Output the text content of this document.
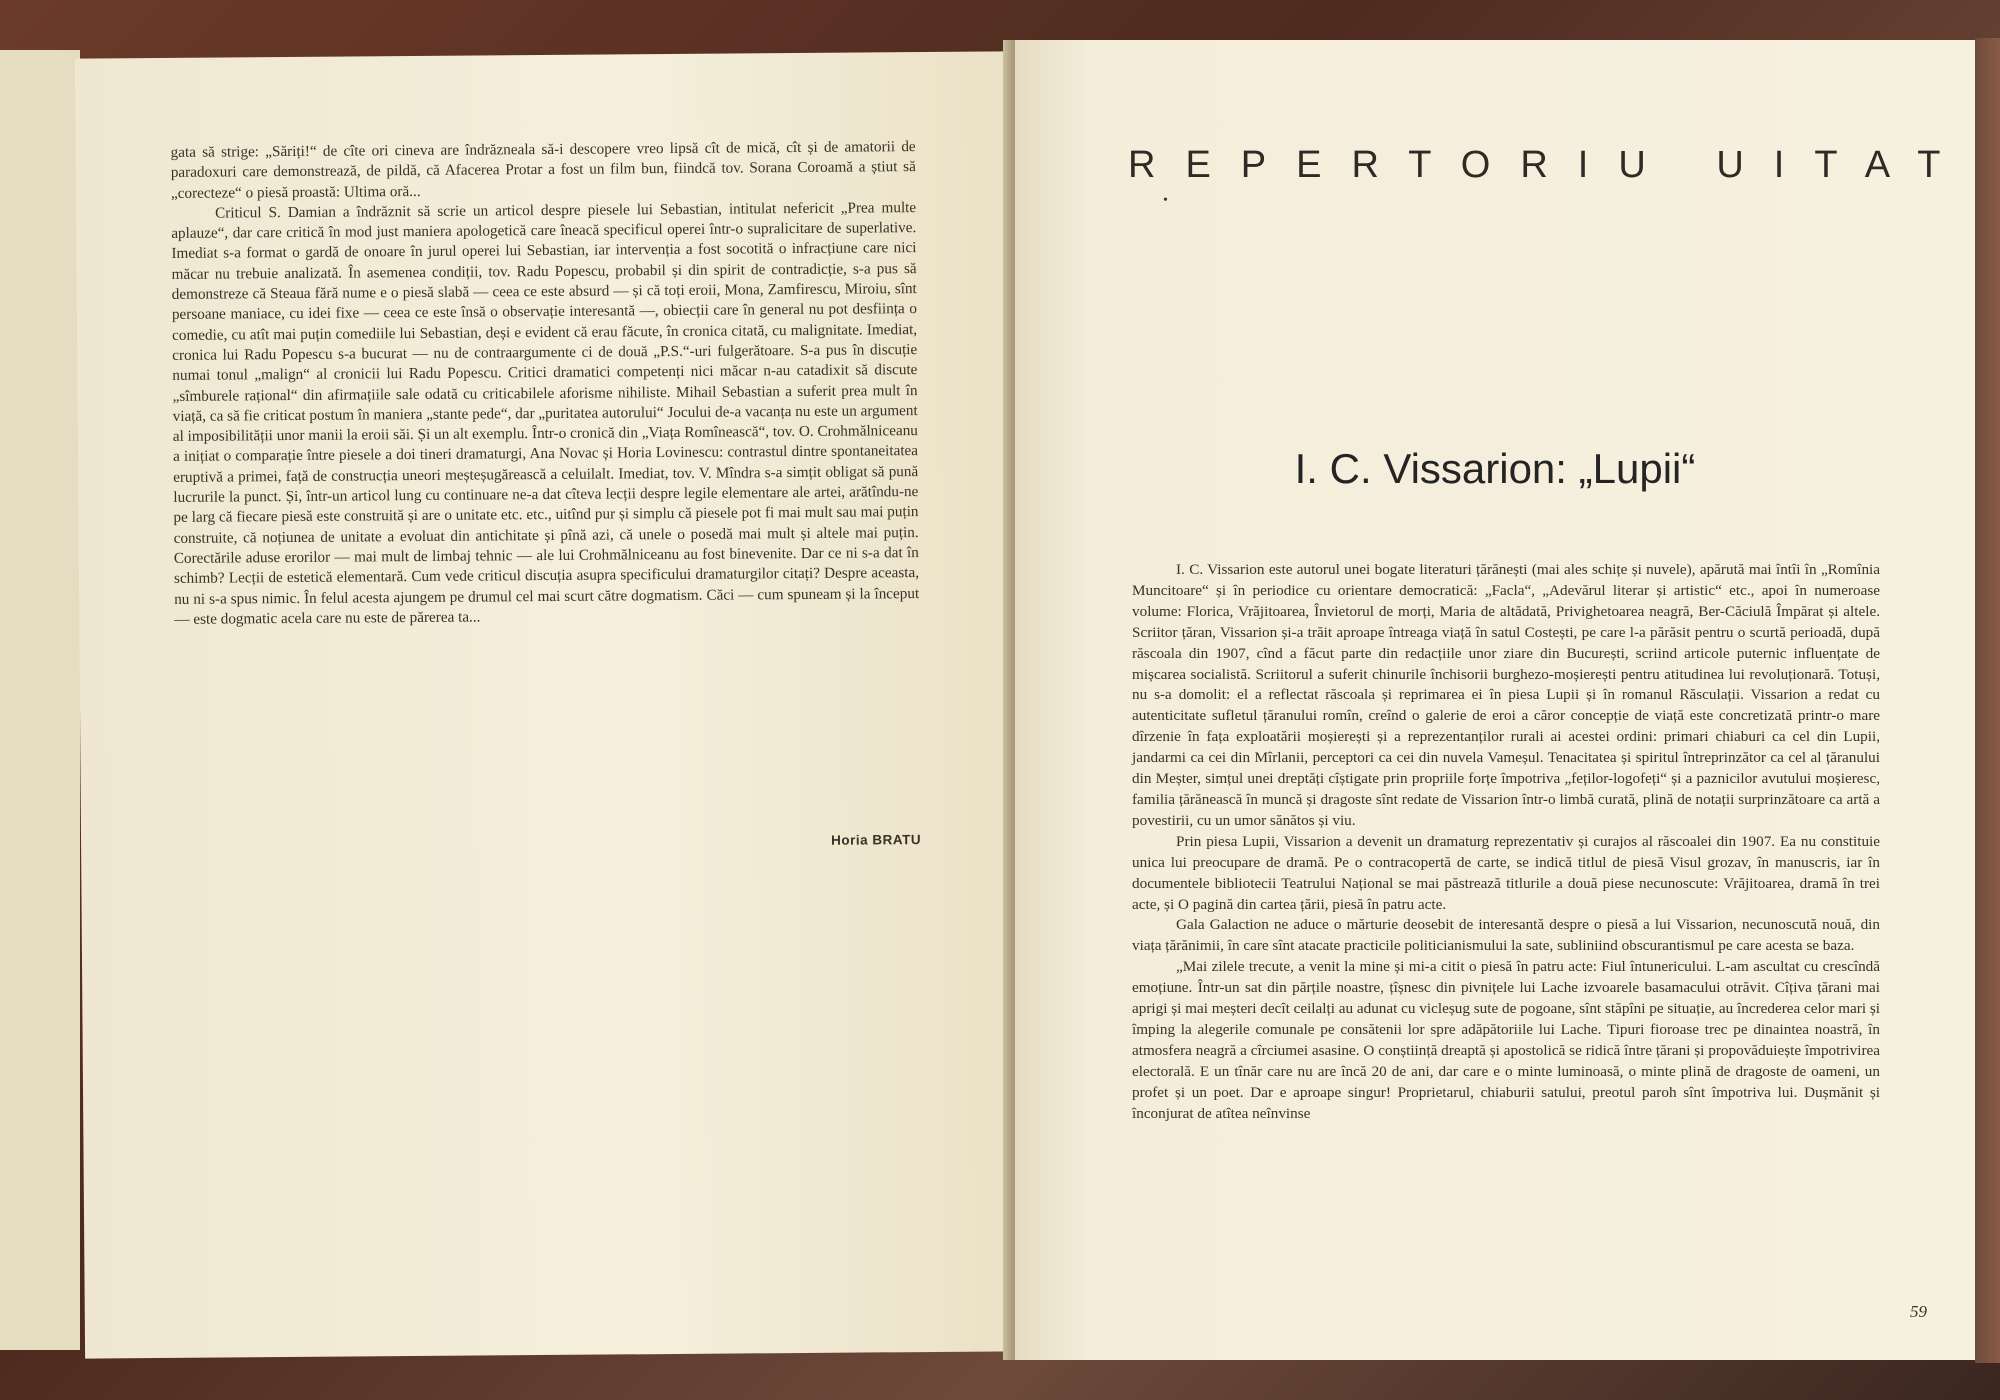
gata să strige: „Săriți!“ de cîte ori cineva are îndrăzneala să-i descopere vreo lipsă cît de mică, cît și de amatorii de paradoxuri care demonstrează, de pildă, că Afacerea Protar a fost un film bun, fiindcă tov. Sorana Coroamă a știut să „corecteze“ o piesă proastă: Ultima oră...

Criticul S. Damian a îndrăznit să scrie un articol despre piesele lui Sebastian, intitulat nefericit „Prea multe aplauze“, dar care critică în mod just maniera apologetică care îneacă specificul operei într-o supralicitare de superlative. Imediat s-a format o gardă de onoare în jurul operei lui Sebastian, iar intervenția a fost socotită o infracțiune care nici măcar nu trebuie analizată. În asemenea condiții, tov. Radu Popescu, probabil și din spirit de contradicție, s-a pus să demonstreze că Steaua fără nume e o piesă slabă — ceea ce este absurd — și că toți eroii, Mona, Zamfirescu, Miroiu, sînt persoane maniace, cu idei fixe — ceea ce este însă o observație interesantă —, obiecții care în general nu pot desființa o comedie, cu atît mai puțin comediile lui Sebastian, deși e evident că erau făcute, în cronica citată, cu malignitate. Imediat, cronica lui Radu Popescu s-a bucurat — nu de contraargumente ci de două „P.S.“-uri fulgerătoare. S-a pus în discuție numai tonul „malign“ al cronicii lui Radu Popescu. Critici dramatici competenți nici măcar n-au catadixit să discute „sîmburele rațional“ din afirmațiile sale odată cu criticabilele aforisme nihiliste. Mihail Sebastian a suferit prea mult în viață, ca să fie criticat postum în maniera „stante pede“, dar „puritatea autorului“ Jocului de-a vacanța nu este un argument al imposibilității unor manii la eroii săi. Și un alt exemplu. Într-o cronică din „Viața Romînească“, tov. O. Crohmălniceanu a inițiat o comparație între piesele a doi tineri dramaturgi, Ana Novac și Horia Lovinescu: contrastul dintre spontaneitatea eruptivă a primei, față de construcția uneori meșteșugărească a celuilalt. Imediat, tov. V. Mîndra s-a simțit obligat să pună lucrurile la punct. Și, într-un articol lung cu continuare ne-a dat cîteva lecții despre legile elementare ale artei, arătîndu-ne pe larg că fiecare piesă este construită și are o unitate etc. etc., uitînd pur și simplu că piesele pot fi mai mult sau mai puțin construite, că noțiunea de unitate a evoluat din antichitate și pînă azi, că unele o posedă mai mult și altele mai puțin. Corectările aduse erorilor — mai mult de limbaj tehnic — ale lui Crohmălniceanu au fost binevenite. Dar ce ni s-a dat în schimb? Lecții de estetică elementară. Cum vede criticul discuția asupra specificului dramaturgilor citați? Despre aceasta, nu ni s-a spus nimic. În felul acesta ajungem pe drumul cel mai scurt către dogmatism. Căci — cum spuneam și la început — este dogmatic acela care nu este de părerea ta...

Horia BRATU
REPERTORIU UITAT
•
I. C. Vissarion: „Lupii“

I. C. Vissarion este autorul unei bogate literaturi țărănești (mai ales schițe și nuvele), apărută mai întîi în „Romînia Muncitoare“ și în periodice cu orientare democratică: „Facla“, „Adevărul literar și artistic“ etc., apoi în numeroase volume: Florica, Vrăjitoarea, Învietorul de morți, Maria de altădată, Privighetoarea neagră, Ber-Căciulă Împărat și altele. Scriitor țăran, Vissarion și-a trăit aproape întreaga viață în satul Costești, pe care l-a părăsit pentru o scurtă perioadă, după răscoala din 1907, cînd a făcut parte din redacțiile unor ziare din București, scriind articole puternic influențate de mișcarea socialistă. Scriitorul a suferit chinurile închisorii burghezo-moșierești pentru atitudinea lui revoluționară. Totuși, nu s-a domolit: el a reflectat răscoala și reprimarea ei în piesa Lupii și în romanul Răsculații. Vissarion a redat cu autenticitate sufletul țăranului romîn, creînd o galerie de eroi a căror concepție de viață este concretizată printr-o mare dîrzenie în fața exploatării moșierești și a reprezentanților rurali ai acestei ordini: primari chiaburi ca cel din Lupii, jandarmi ca cei din Mîrlanii, perceptori ca cei din nuvela Vameșul. Tenacitatea și spiritul întreprinzător ca cel al țăranului din Meșter, simțul unei dreptăți cîștigate prin propriile forțe împotriva „feților-logofeți“ și a paznicilor avutului moșieresc, familia țărănească în muncă și dragoste sînt redate de Vissarion într-o limbă curată, plină de notații surprinzătoare ca artă a povestirii, cu un umor sănătos și viu.

Prin piesa Lupii, Vissarion a devenit un dramaturg reprezentativ și curajos al răscoalei din 1907. Ea nu constituie unica lui preocupare de dramă. Pe o contracopertă de carte, se indică titlul de piesă Visul grozav, în manuscris, iar în documentele bibliotecii Teatrului Național se mai păstrează titlurile a două piese necunoscute: Vrăjitoarea, dramă în trei acte, și O pagină din cartea țării, piesă în patru acte.

Gala Galaction ne aduce o mărturie deosebit de interesantă despre o piesă a lui Vissarion, necunoscută nouă, din viața țărănimii, în care sînt atacate practicile politicianismului la sate, subliniind obscurantismul pe care acesta se baza.

„Mai zilele trecute, a venit la mine și mi-a citit o piesă în patru acte: Fiul întunericului. L-am ascultat cu crescîndă emoțiune. Într-un sat din părțile noastre, țîșnesc din pivnițele lui Lache izvoarele basamacului otrăvit. Cîțiva țărani mai aprigi și mai meșteri decît ceilalți au adunat cu vicleșug sute de pogoane, sînt stăpîni pe situație, au încrederea celor mari și împing la alegerile comunale pe consătenii lor spre adăpătoriile lui Lache. Tipuri fioroase trec pe dinaintea noastră, în atmosfera neagră a cîrciumei asasine. O conștiință dreaptă și apostolică se ridică între țărani și propovăduiește împotrivirea electorală. E un tînăr care nu are încă 20 de ani, dar care e o minte luminoasă, o minte plină de dragoste de oameni, un profet și un poet. Dar e aproape singur! Proprietarul, chiaburii satului, preotul paroh sînt împotriva lui. Dușmănit și înconjurat de atîtea neînvinse

59
